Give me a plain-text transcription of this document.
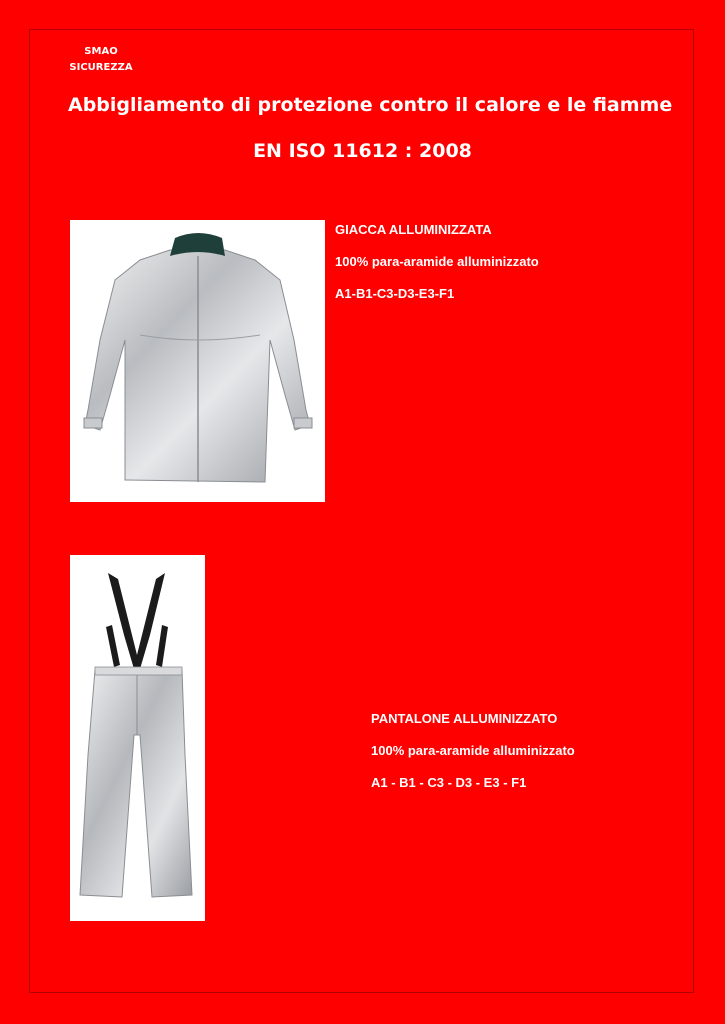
SMAO
SICUREZZA
Abbigliamento di protezione contro il calore e le fiamme
EN ISO 11612 : 2008
GIACCA ALLUMINIZZATA
100% para-aramide alluminizzato
A1-B1-C3-D3-E3-F1
PANTALONE ALLUMINIZZATO
100% para-aramide alluminizzato
A1 - B1 - C3 - D3 - E3 - F1
